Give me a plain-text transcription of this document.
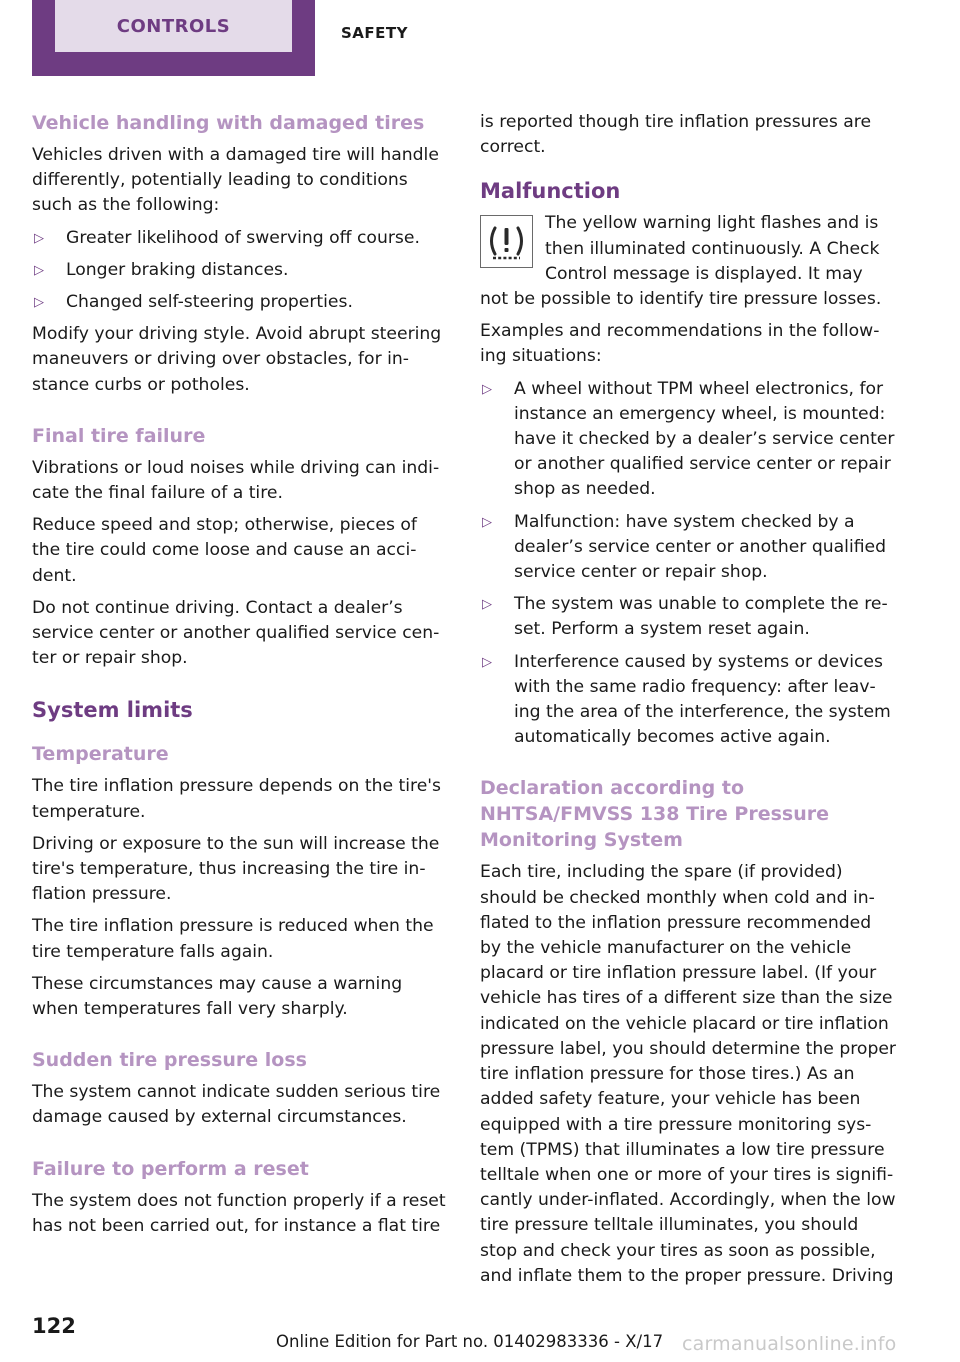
CONTROLS	SAFETY
Vehicle handling with damaged tires

Vehicles driven with a damaged tire will handle differently, potentially leading to conditions such as the following:

▷ Greater likelihood of swerving off course.
▷ Longer braking distances.
▷ Changed self-steering properties.

Modify your driving style. Avoid abrupt steering maneuvers or driving over obstacles, for instance curbs or potholes.

Final tire failure

Vibrations or loud noises while driving can indicate the final failure of a tire.

Reduce speed and stop; otherwise, pieces of the tire could come loose and cause an accident.

Do not continue driving. Contact a dealer’s service center or another qualified service center or repair shop.

System limits
Temperature

The tire inflation pressure depends on the tire's temperature.

Driving or exposure to the sun will increase the tire's temperature, thus increasing the tire inflation pressure.

The tire inflation pressure is reduced when the tire temperature falls again.

These circumstances may cause a warning when temperatures fall very sharply.

Sudden tire pressure loss

The system cannot indicate sudden serious tire damage caused by external circumstances.

Failure to perform a reset

The system does not function properly if a reset has not been carried out, for instance a flat tire

is reported though tire inflation pressures are correct.

Malfunction

The yellow warning light flashes and is then illuminated continuously. A Check Control message is displayed. It may not be possible to identify tire pressure losses.

Examples and recommendations in the following situations:

▷ A wheel without TPM wheel electronics, for instance an emergency wheel, is mounted: have it checked by a dealer’s service center or another qualified service center or repair shop as needed.
▷ Malfunction: have system checked by a dealer’s service center or another qualified service center or repair shop.
▷ The system was unable to complete the reset. Perform a system reset again.
▷ Interference caused by systems or devices with the same radio frequency: after leaving the area of the interference, the system automatically becomes active again.
Declaration according to NHTSA/FMVSS 138 Tire Pressure Monitoring System

Each tire, including the spare (if provided) should be checked monthly when cold and inflated to the inflation pressure recommended by the vehicle manufacturer on the vehicle placard or tire inflation pressure label. (If your vehicle has tires of a different size than the size indicated on the vehicle placard or tire inflation pressure label, you should determine the proper tire inflation pressure for those tires.) As an added safety feature, your vehicle has been equipped with a tire pressure monitoring system (TPMS) that illuminates a low tire pressure telltale when one or more of your tires is significantly under-inflated. Accordingly, when the low tire pressure telltale illuminates, you should stop and check your tires as soon as possible, and inflate them to the proper pressure. Driving

122
Online Edition for Part no. 01402983336 - X/17 carmanualsonline.info
